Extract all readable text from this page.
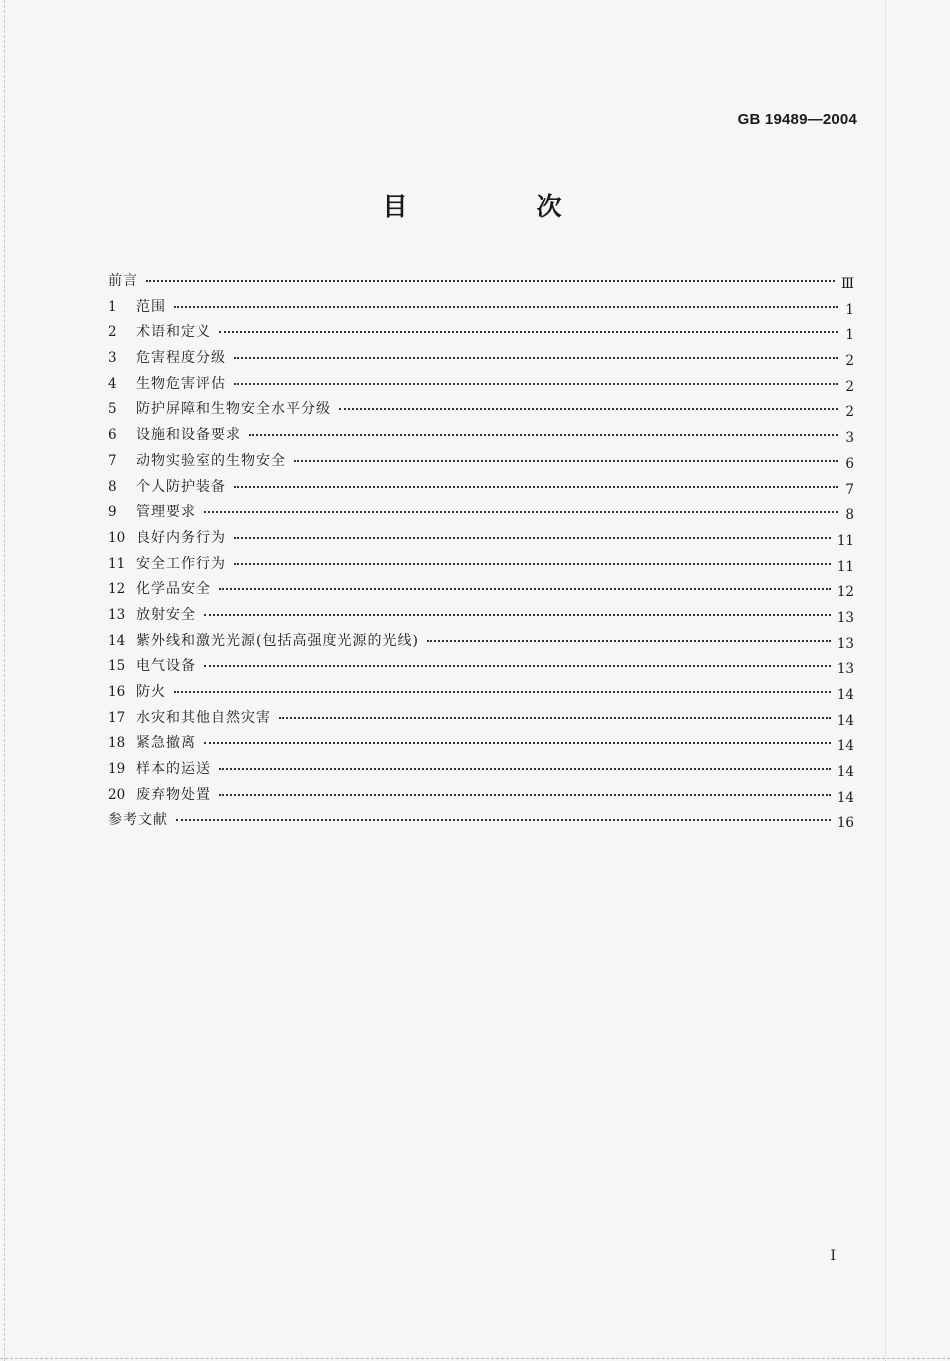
GB 19489—2004
目　次
前言	Ⅲ
1	范围	1
2	术语和定义	1
3	危害程度分级	2
4	生物危害评估	2
5	防护屏障和生物安全水平分级	2
6	设施和设备要求	3
7	动物实验室的生物安全	6
8	个人防护装备	7
9	管理要求	8
10 良好内务行为	11
11 安全工作行为	11
12 化学品安全	12
13 放射安全	13
14 紫外线和激光光源(包括高强度光源的光线)	13
15 电气设备	13
16 防火	14
17 水灾和其他自然灾害	14
18 紧急撤离	14
19 样本的运送	14
20 废弃物处置	14
参考文献	16
I
